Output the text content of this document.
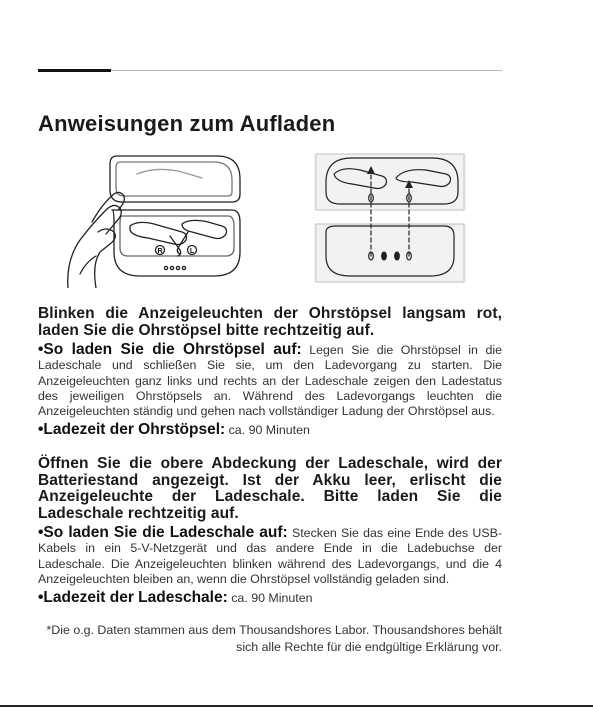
Anweisungen zum Aufladen
R	L

Blinken die Anzeigeleuchten der Ohrstöpsel langsam rot, laden Sie die Ohrstöpsel bitte rechtzeitig auf.

•So laden Sie die Ohrstöpsel auf: Legen Sie die Ohrstöpsel in die Ladeschale und schließen Sie sie, um den Ladevorgang zu starten. Die Anzeigeleuchten ganz links und rechts an der Ladeschale zeigen den Ladestatus des jeweiligen Ohrstöpsels an. Während des Ladevorgangs leuchten die Anzeigeleuchten ständig und gehen nach vollständiger Ladung der Ohrstöpsel aus.

•Ladezeit der Ohrstöpsel: ca. 90 Minuten

Öffnen Sie die obere Abdeckung der Ladeschale, wird der Batteriestand angezeigt. Ist der Akku leer, erlischt die Anzeigeleuchte der Ladeschale. Bitte laden Sie die Ladeschale rechtzeitig auf.

•So laden Sie die Ladeschale auf: Stecken Sie das eine Ende des USB-Kabels in ein 5-V-Netzgerät und das andere Ende in die Ladebuchse der Ladeschale. Die Anzeigeleuchten blinken während des Ladevorgangs, und die 4 Anzeigeleuchten bleiben an, wenn die Ohrstöpsel vollständig geladen sind.

•Ladezeit der Ladeschale: ca. 90 Minuten

*Die o.g. Daten stammen aus dem Thousandshores Labor. Thousandshores behält sich alle Rechte für die endgültige Erklärung vor.
